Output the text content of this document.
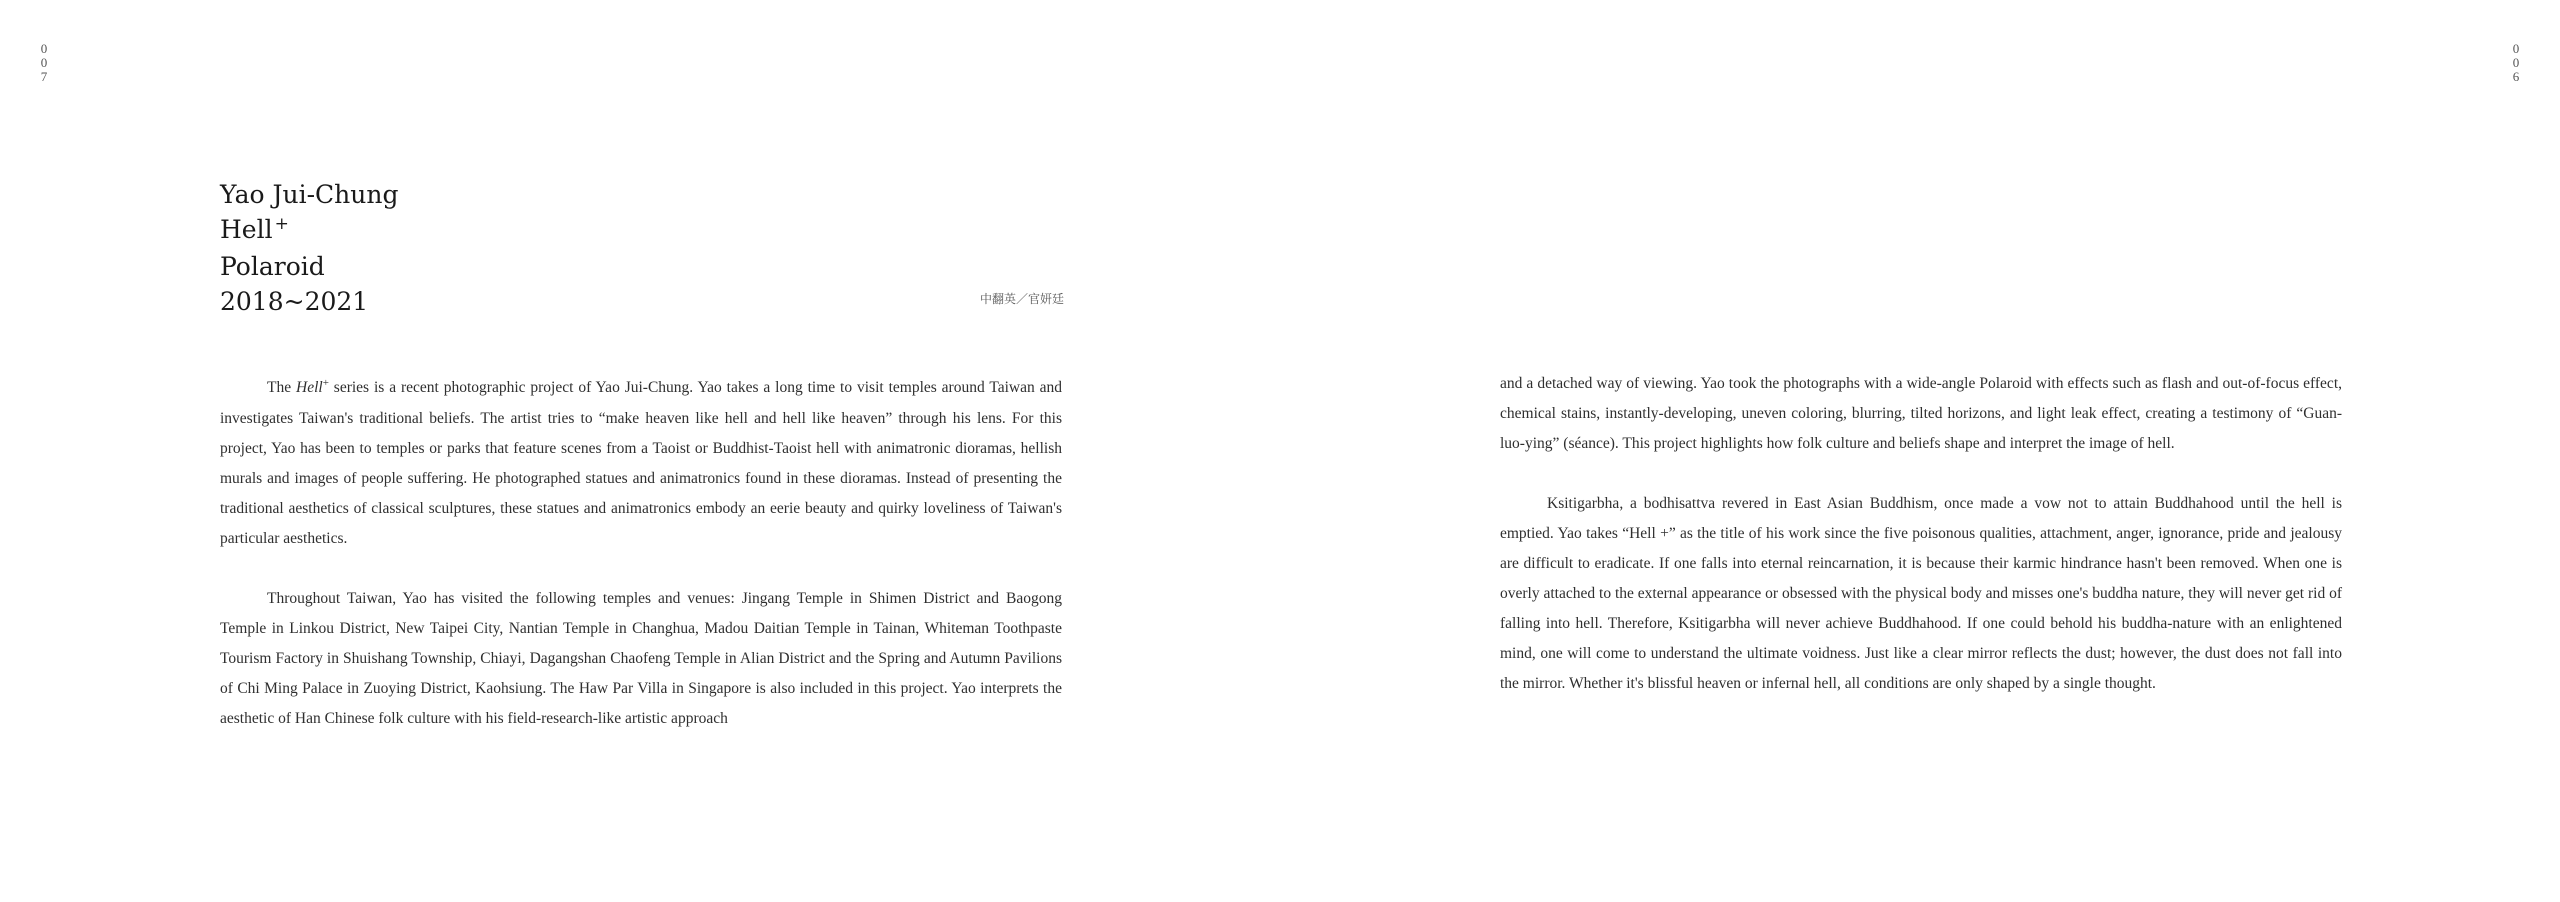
0
0
7
0
0
6
Yao Jui-Chung
Hell +
Polaroid
2018~2021	中翻英／官妍廷

The Hell+ series is a recent photographic project of Yao Jui-Chung. Yao takes a long time to visit temples around Taiwan and investigates Taiwan's traditional beliefs. The artist tries to “make heaven like hell and hell like heaven” through his lens. For this project, Yao has been to temples or parks that feature scenes from a Taoist or Buddhist-Taoist hell with animatronic dioramas, hellish murals and images of people suffering. He photographed statues and animatronics found in these dioramas. Instead of presenting the traditional aesthetics of classical sculptures, these statues and animatronics embody an eerie beauty and quirky loveliness of Taiwan's particular aesthetics.

Throughout Taiwan, Yao has visited the following temples and venues: Jingang Temple in Shimen District and Baogong Temple in Linkou District, New Taipei City, Nantian Temple in Changhua, Madou Daitian Temple in Tainan, Whiteman Toothpaste Tourism Factory in Shuishang Township, Chiayi, Dagangshan Chaofeng Temple in Alian District and the Spring and Autumn Pavilions of Chi Ming Palace in Zuoying District, Kaohsiung. The Haw Par Villa in Singapore is also included in this project. Yao interprets the aesthetic of Han Chinese folk culture with his field-research-like artistic approach

and a detached way of viewing. Yao took the photographs with a wide-angle Polaroid with effects such as flash and out-of-focus effect, chemical stains, instantly-developing, uneven coloring, blurring, tilted horizons, and light leak effect, creating a testimony of “Guan-luo-ying” (séance). This project highlights how folk culture and beliefs shape and interpret the image of hell.

Ksitigarbha, a bodhisattva revered in East Asian Buddhism, once made a vow not to attain Buddhahood until the hell is emptied. Yao takes “Hell +” as the title of his work since the five poisonous qualities, attachment, anger, ignorance, pride and jealousy are difficult to eradicate. If one falls into eternal reincarnation, it is because their karmic hindrance hasn't been removed. When one is overly attached to the external appearance or obsessed with the physical body and misses one's buddha nature, they will never get rid of falling into hell. Therefore, Ksitigarbha will never achieve Buddhahood. If one could behold his buddha-nature with an enlightened mind, one will come to understand the ultimate voidness. Just like a clear mirror reflects the dust; however, the dust does not fall into the mirror. Whether it's blissful heaven or infernal hell, all conditions are only shaped by a single thought.
